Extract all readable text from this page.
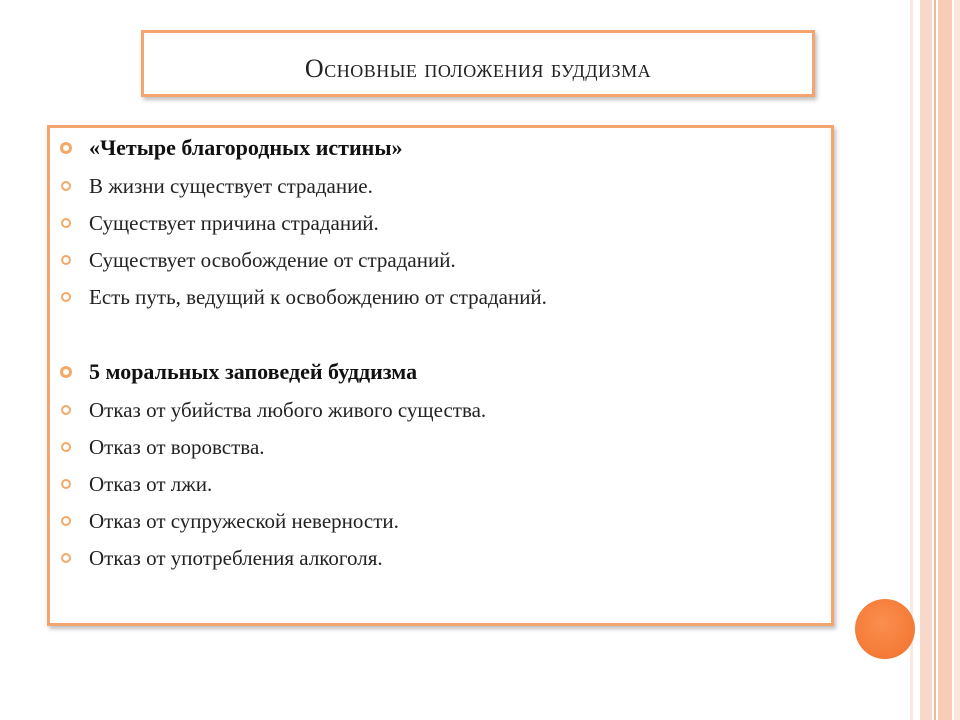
Основные положения буддизма
«Четыре благородных истины»
В жизни существует страдание.
Существует причина страданий.
Существует освобождение от страданий.
Есть путь, ведущий к освобождению от страданий.
5 моральных заповедей буддизма
Отказ от убийства любого живого существа.
Отказ от воровства.
Отказ от лжи.
Отказ от супружеской неверности.
Отказ от употребления алкоголя.
